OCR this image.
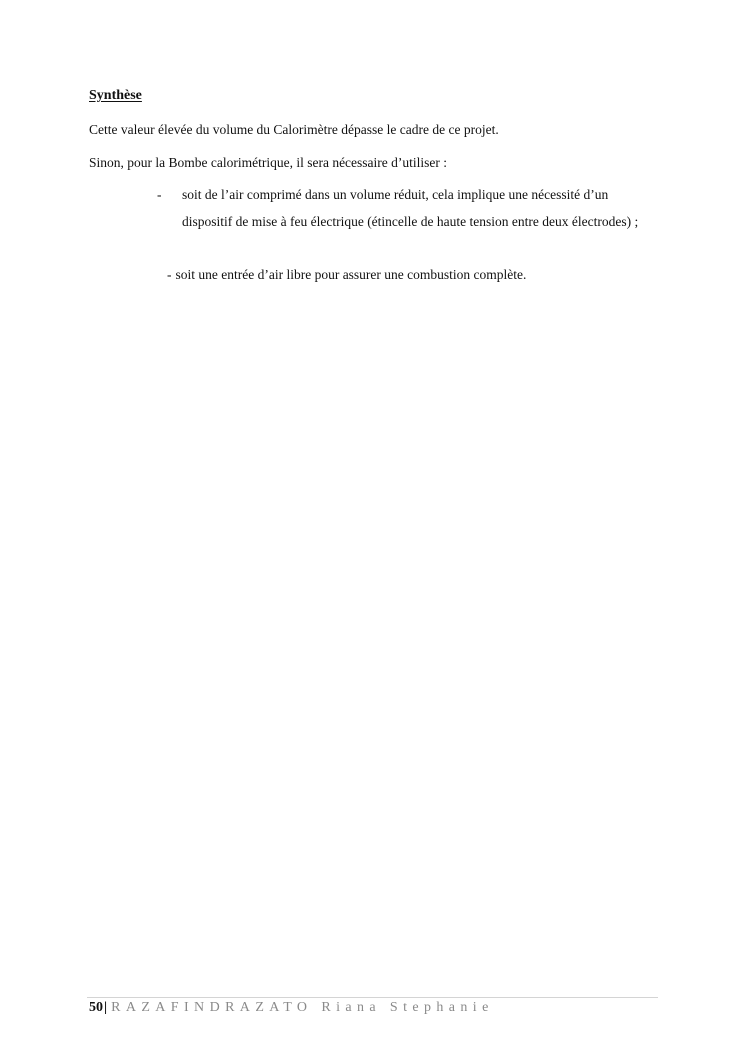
Synthèse
Cette valeur élevée du volume du Calorimètre dépasse le cadre de ce projet.
Sinon, pour la Bombe calorimétrique, il sera nécessaire d’utiliser :
- soit de l’air comprimé dans un volume réduit, cela implique une nécessité d’un dispositif de mise à feu électrique (étincelle de haute tension entre deux électrodes) ;
- soit une entrée d’air libre pour assurer une combustion complète.
50| RAZAFINDRAZATO Riana Stephanie
